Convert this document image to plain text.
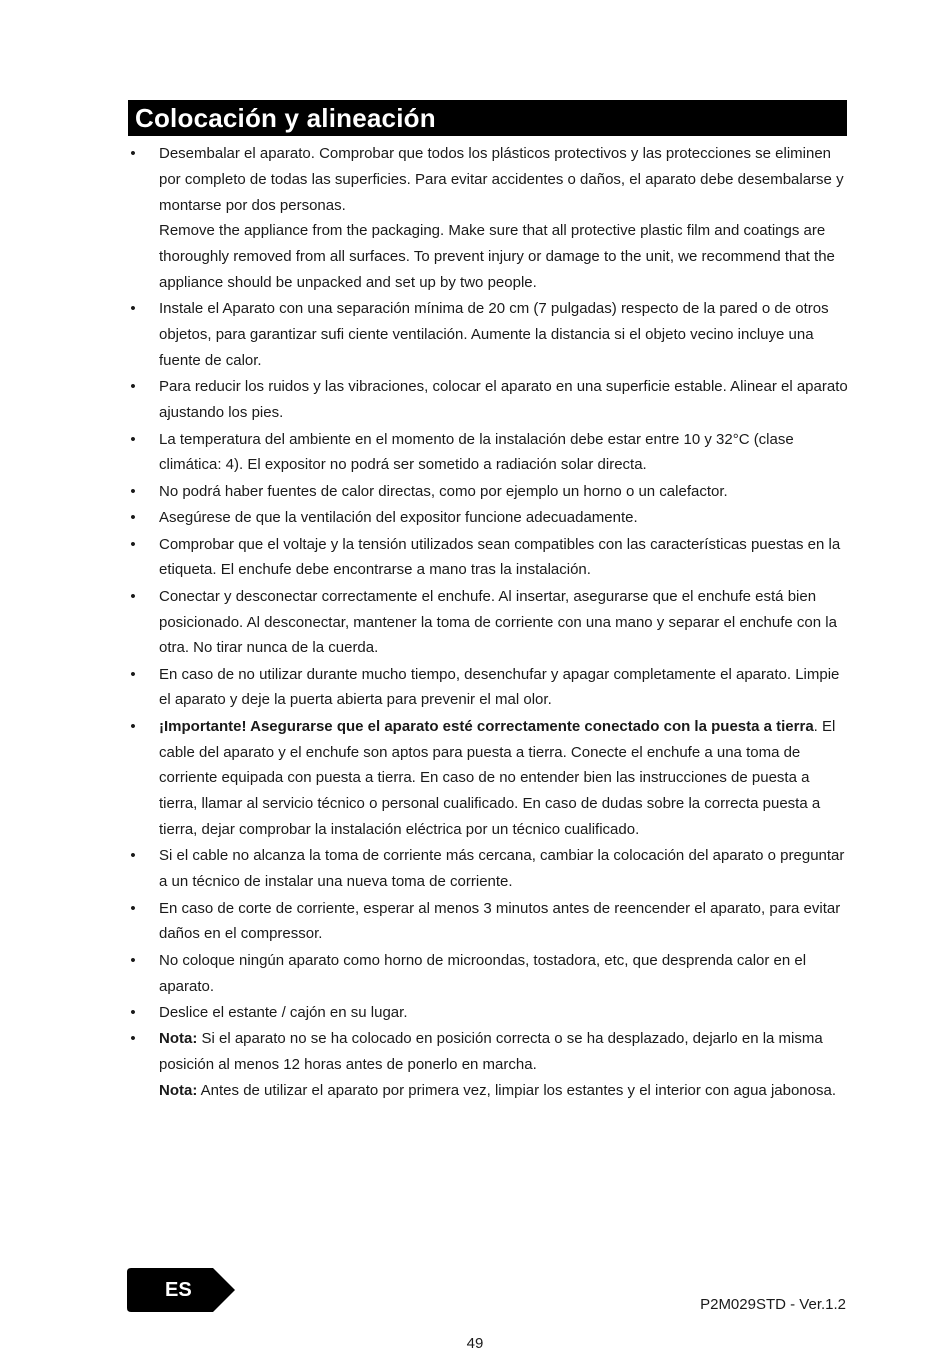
Colocación y alineación
• Desembalar el aparato. Comprobar que todos los plásticos protectivos y las protecciones se eliminen por completo de todas las superficies. Para evitar accidentes o daños, el aparato debe desembalarse y montarse por dos personas.

Remove the appliance from the packaging. Make sure that all protective plastic film and coatings are thoroughly removed from all surfaces. To prevent injury or damage to the unit, we recommend that the appliance should be unpacked and set up by two people.

• Instale el Aparato con una separación mínima de 20 cm (7 pulgadas) respecto de la pared o de otros objetos, para garantizar sufi ciente ventilación. Aumente la distancia si el objeto vecino incluye una fuente de calor.

• Para reducir los ruidos y las vibraciones, colocar el aparato en una superficie estable. Alinear el aparato ajustando los pies.

• La temperatura del ambiente en el momento de la instalación debe estar entre 10 y 32°C (clase climática: 4). El expositor no podrá ser sometido a radiación solar directa.

• No podrá haber fuentes de calor directas, como por ejemplo un horno o un calefactor.

• Asegúrese de que la ventilación del expositor funcione adecuadamente.

• Comprobar que el voltaje y la tensión utilizados sean compatibles con las características puestas en la etiqueta. El enchufe debe encontrarse a mano tras la instalación.

• Conectar y desconectar correctamente el enchufe. Al insertar, asegurarse que el enchufe está bien posicionado. Al desconectar, mantener la toma de corriente con una mano y separar el enchufe con la otra. No tirar nunca de la cuerda.

• En caso de no utilizar durante mucho tiempo, desenchufar y apagar completamente el aparato. Limpie el aparato y deje la puerta abierta para prevenir el mal olor.

• ¡Importante! Asegurarse que el aparato esté correctamente conectado con la puesta a tierra. El cable del aparato y el enchufe son aptos para puesta a tierra. Conecte el enchufe a una toma de corriente equipada con puesta a tierra. En caso de no entender bien las instrucciones de puesta a tierra, llamar al servicio técnico o personal cualificado. En caso de dudas sobre la correcta puesta a tierra, dejar comprobar la instalación eléctrica por un técnico cualificado.

• Si el cable no alcanza la toma de corriente más cercana, cambiar la colocación del aparato o preguntar a un técnico de instalar una nueva toma de corriente.

• En caso de corte de corriente, esperar al menos 3 minutos antes de reencender el aparato, para evitar daños en el compressor.

• No coloque ningún aparato como horno de microondas, tostadora, etc, que desprenda calor en el aparato.

• Deslice el estante / cajón en su lugar.

• Nota: Si el aparato no se ha colocado en posición correcta o se ha desplazado, dejarlo en la misma posición al menos 12 horas antes de ponerlo en marcha.

Nota: Antes de utilizar el aparato por primera vez, limpiar los estantes y el interior con agua jabonosa.

ES
P2M029STD - Ver.1.2
49
